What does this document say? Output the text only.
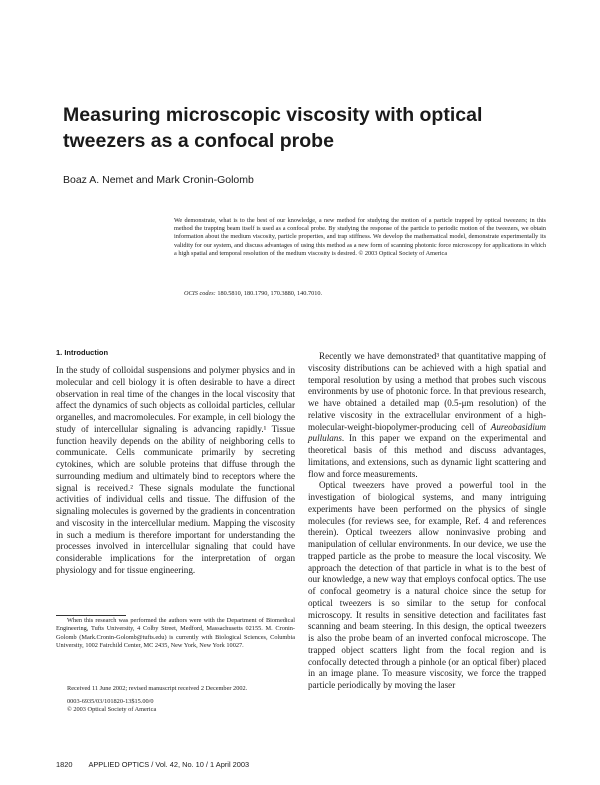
Measuring microscopic viscosity with optical tweezers as a confocal probe
Boaz A. Nemet and Mark Cronin-Golomb
We demonstrate, what is to the best of our knowledge, a new method for studying the motion of a particle trapped by optical tweezers; in this method the trapping beam itself is used as a confocal probe. By studying the response of the particle to periodic motion of the tweezers, we obtain information about the medium viscosity, particle properties, and trap stiffness. We develop the mathematical model, demonstrate experimentally its validity for our system, and discuss advantages of using this method as a new form of scanning photonic force microscopy for applications in which a high spatial and temporal resolution of the medium viscosity is desired. © 2003 Optical Society of America
OCIS codes: 180.5810, 180.1790, 170.3880, 140.7010.
1. Introduction

In the study of colloidal suspensions and polymer physics and in molecular and cell biology it is often desirable to have a direct observation in real time of the changes in the local viscosity that affect the dynamics of such objects as colloidal particles, cellular organelles, and macromolecules. For example, in cell biology the study of intercellular signaling is advancing rapidly.¹ Tissue function heavily depends on the ability of neighboring cells to communicate. Cells communicate primarily by secreting cytokines, which are soluble proteins that diffuse through the surrounding medium and ultimately bind to receptors where the signal is received.² These signals modulate the functional activities of individual cells and tissue. The diffusion of the signaling molecules is governed by the gradients in concentration and viscosity in the intercellular medium. Mapping the viscosity in such a medium is therefore important for understanding the processes involved in intercellular signaling that could have considerable implications for the interpretation of organ physiology and for tissue engineering.

Recently we have demonstrated³ that quantitative mapping of viscosity distributions can be achieved with a high spatial and temporal resolution by using a method that probes such viscous environments by use of photonic force. In that previous research, we have obtained a detailed map (0.5-μm resolution) of the relative viscosity in the extracellular environment of a high-molecular-weight-biopolymer-producing cell of Aureobasidium pullulans. In this paper we expand on the experimental and theoretical basis of this method and discuss advantages, limitations, and extensions, such as dynamic light scattering and flow and force measurements.

Optical tweezers have proved a powerful tool in the investigation of biological systems, and many intriguing experiments have been performed on the physics of single molecules (for reviews see, for example, Ref. 4 and references therein). Optical tweezers allow noninvasive probing and manipulation of cellular environments. In our device, we use the trapped particle as the probe to measure the local viscosity. We approach the detection of that particle in what is to the best of our knowledge, a new way that employs confocal optics. The use of confocal geometry is a natural choice since the setup for optical tweezers is so similar to the setup for confocal microscopy. It results in sensitive detection and facilitates fast scanning and beam steering. In this design, the optical tweezers is also the probe beam of an inverted confocal microscope. The trapped object scatters light from the focal region and is confocally detected through a pinhole (or an optical fiber) placed in an image plane. To measure viscosity, we force the trapped particle periodically by moving the laser

When this research was performed the authors were with the Department of Biomedical Engineering, Tufts University, 4 Colby Street, Medford, Massachusetts 02155. M. Cronin-Golomb (Mark.Cronin-Golomb@tufts.edu) is currently with Biological Sciences, Columbia University, 1002 Fairchild Center, MC 2435, New York, New York 10027.

Received 11 June 2002; revised manuscript received 2 December 2002.

0003-6935/03/101820-13$15.00/0

© 2003 Optical Society of America

1820 APPLIED OPTICS / Vol. 42, No. 10 / 1 April 2003
